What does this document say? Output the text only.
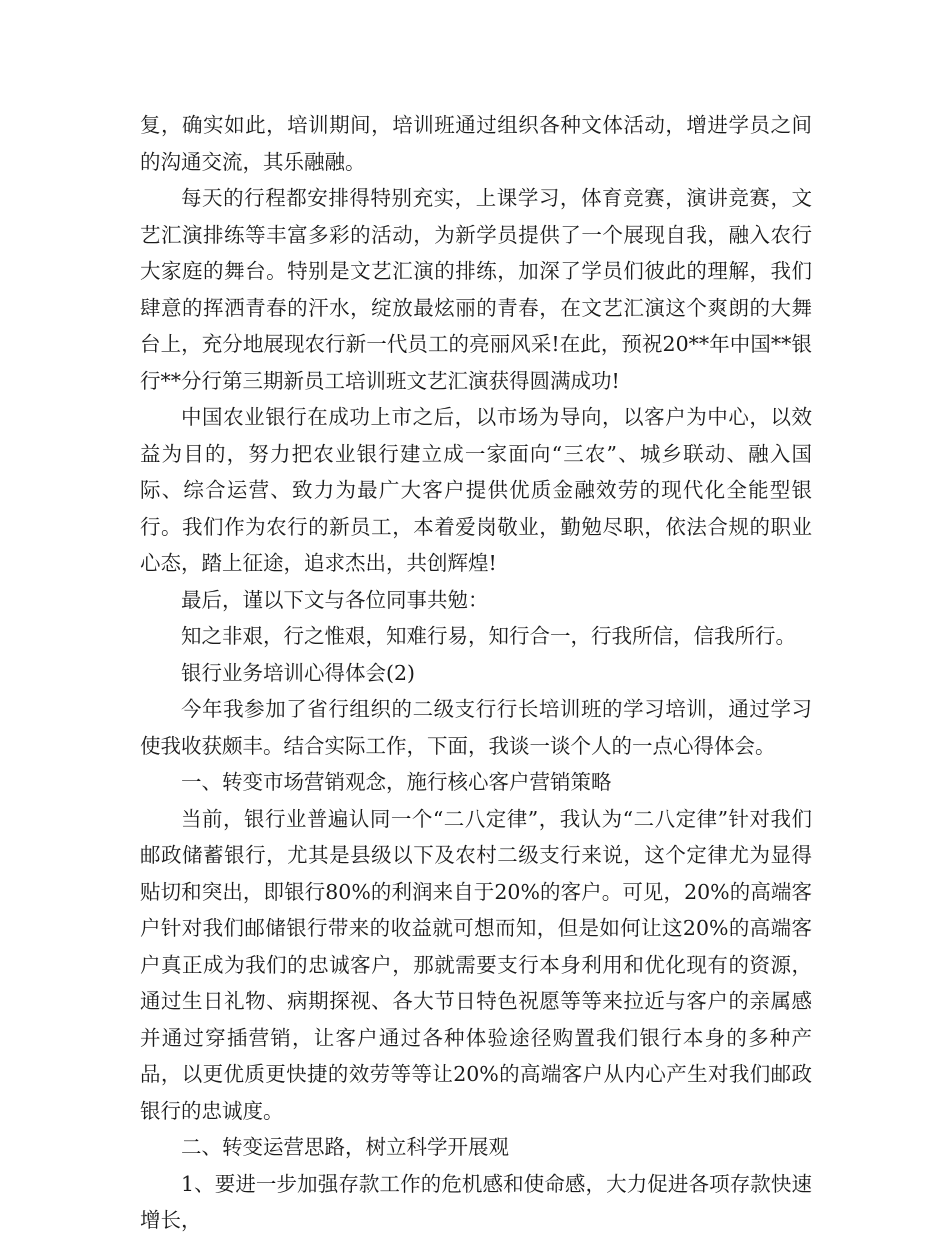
复，确实如此，培训期间，培训班通过组织各种文体活动，增进学员之间的沟通交流，其乐融融。

每天的行程都安排得特别充实，上课学习，体育竞赛，演讲竞赛，文艺汇演排练等丰富多彩的活动，为新学员提供了一个展现自我，融入农行大家庭的舞台。特别是文艺汇演的排练，加深了学员们彼此的理解，我们肆意的挥洒青春的汗水，绽放最炫丽的青春，在文艺汇演这个爽朗的大舞台上，充分地展现农行新一代员工的亮丽风采!在此，预祝20**年中国**银行**分行第三期新员工培训班文艺汇演获得圆满成功!

中国农业银行在成功上市之后，以市场为导向，以客户为中心，以效益为目的，努力把农业银行建立成一家面向“三农”、城乡联动、融入国际、综合运营、致力为最广大客户提供优质金融效劳的现代化全能型银行。我们作为农行的新员工，本着爱岗敬业，勤勉尽职，依法合规的职业心态，踏上征途，追求杰出，共创辉煌!

最后，谨以下文与各位同事共勉：

知之非艰，行之惟艰，知难行易，知行合一，行我所信，信我所行。

银行业务培训心得体会(2)

今年我参加了省行组织的二级支行行长培训班的学习培训，通过学习使我收获颇丰。结合实际工作，下面，我谈一谈个人的一点心得体会。

一、转变市场营销观念，施行核心客户营销策略

当前，银行业普遍认同一个“二八定律”，我认为“二八定律”针对我们邮政储蓄银行，尤其是县级以下及农村二级支行来说，这个定律尤为显得贴切和突出，即银行80%的利润来自于20%的客户。可见，20%的高端客户针对我们邮储银行带来的收益就可想而知，但是如何让这20%的高端客户真正成为我们的忠诚客户，那就需要支行本身利用和优化现有的资源，通过生日礼物、病期探视、各大节日特色祝愿等等来拉近与客户的亲属感并通过穿插营销，让客户通过各种体验途径购置我们银行本身的多种产品，以更优质更快捷的效劳等等让20%的高端客户从内心产生对我们邮政银行的忠诚度。

二、转变运营思路，树立科学开展观

1、要进一步加强存款工作的危机感和使命感，大力促进各项存款快速增长，
